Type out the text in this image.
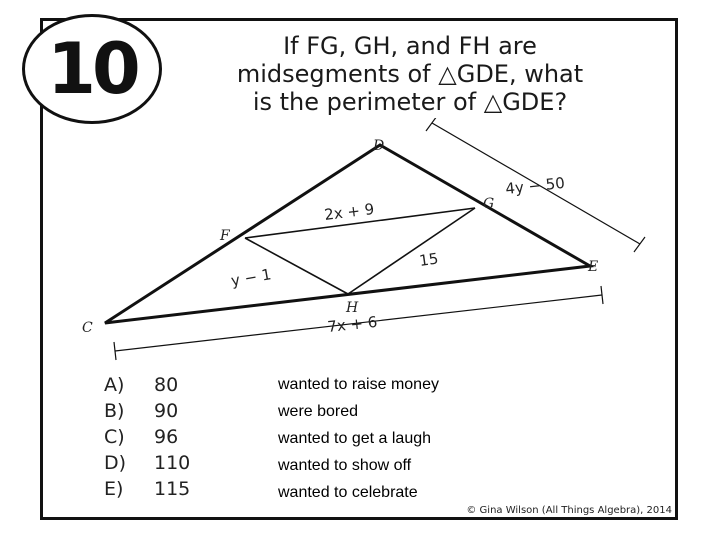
10	If FG, GH, and FH are
midsegments of △GDE, what
is the perimeter of △GDE?
D
G
E
F
H
C
2x + 9
4y − 50
y − 1
15
7x + 6
A) 80
B) 90
C) 96
D) 110
E) 115
wanted to raise money
were bored
wanted to get a laugh
wanted to show off
wanted to celebrate
© Gina Wilson (All Things Algebra), 2014
